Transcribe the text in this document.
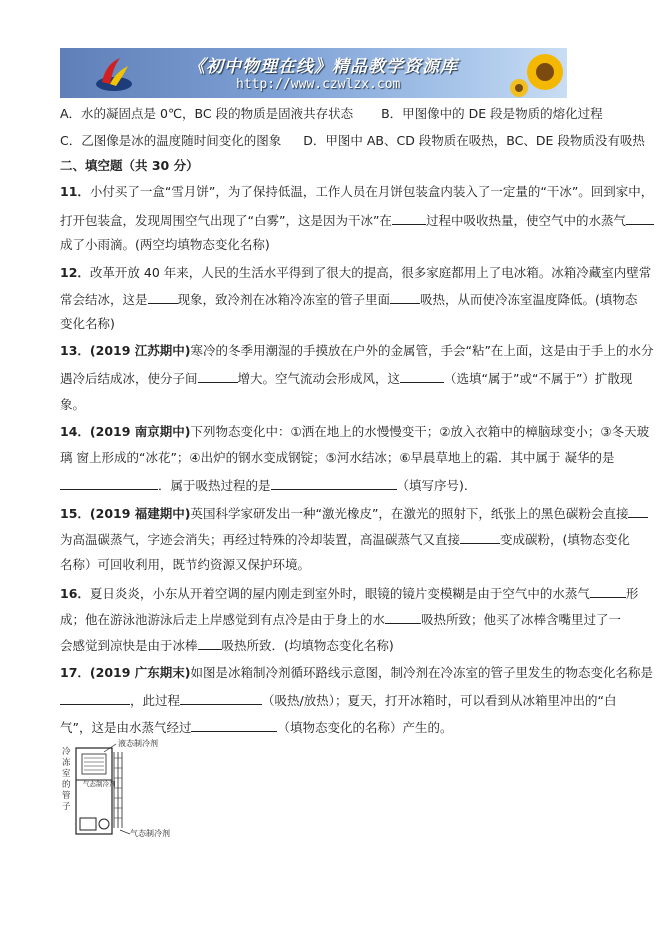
《初中物理在线》精品教学资源库
http://www.czwlzx.com
A．水的凝固点是 0℃，BC 段的物质是固液共存状态 B．甲图像中的 DE 段是物质的熔化过程
C．乙图像是冰的温度随时间变化的图象 D．甲图中 AB、CD 段物质在吸热，BC、DE 段物质没有吸热
二、填空题（共 30 分）
11．小付买了一盒“雪月饼”，为了保持低温，工作人员在月饼包装盒内装入了一定量的“干冰”。回到家中，
打开包装盒，发现周围空气出现了“白雾”，这是因为干冰”在	过程中吸收热量，使空气中的水蒸气
成了小雨滴。(两空均填物态变化名称)
12．改革开放 40 年来，人民的生活水平得到了很大的提高，很多家庭都用上了电冰箱。冰箱冷藏室内壁常
常会结冰，这是 现象，致冷剂在冰箱冷冻室的管子里面 吸热，从而使冷冻室温度降低。(填物态
变化名称)
13．(2019 江苏期中)寒冷的冬季用潮湿的手摸放在户外的金属管，手会“粘”在上面，这是由于手上的水分
遇冷后结成冰，使分子间	增大。空气流动会形成风，这	（选填“属于”或“不属于”）扩散现
象。
14．(2019 南京期中)下列物态变化中：①洒在地上的水慢慢变干；②放入衣箱中的樟脑球变小；③冬天玻
璃 窗上形成的“冰花”；④出炉的钢水变成钢锭；⑤河水结冰；⑥早晨草地上的霜．其中属于 凝华的是
．属于吸热过程的是	（填写序号).
15．(2019 福建期中)英国科学家研发出一种“激光橡皮”，在激光的照射下，纸张上的黑色碳粉会直接
为高温碳蒸气，字迹会消失；再经过特殊的冷却装置，高温碳蒸气又直接	变成碳粉，(填物态变化
名称）可回收利用，既节约资源又保护环境。
16．夏日炎炎，小东从开着空调的屋内刚走到室外时，眼镜的镜片变模糊是由于空气中的水蒸气	形
成；他在游泳池游泳后走上岸感觉到有点冷是由于身上的水	吸热所致；他买了冰棒含嘴里过了一
会感觉到凉快是由于冰棒 吸热所致．(均填物态变化名称)
17．(2019 广东期末)如图是冰箱制冷剂循环路线示意图，制冷剂在冷冻室的管子里发生的物态变化名称是
，此过程	（吸热/放热）；夏天，打开冰箱时，可以看到从冰箱里冲出的“白
气”，这是由水蒸气经过	（填物态变化的名称）产生的。
液态制冷剂
冷冻室的管子
气态制冷剂
气态制冷剂
